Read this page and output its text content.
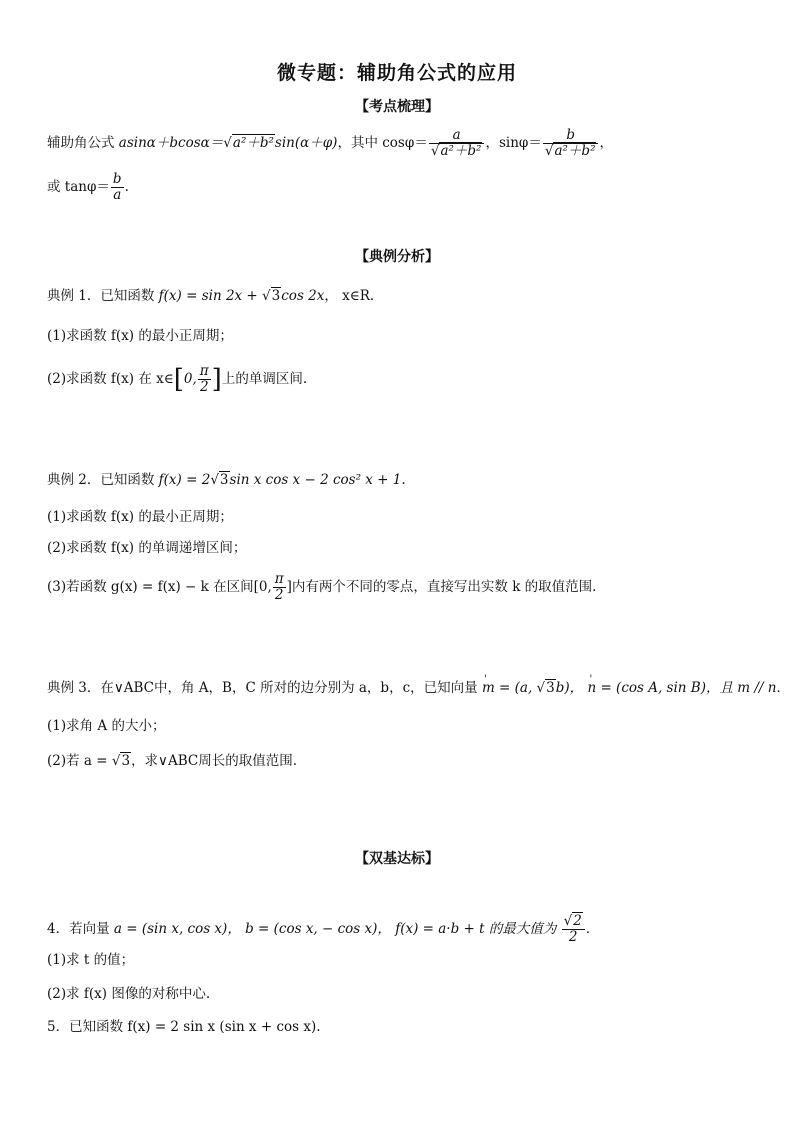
微专题：辅助角公式的应用
【考点梳理】
辅助角公式 asinα＋bcosα＝√a²＋b²sin(α＋φ)，其中 $\cos\varphi= \frac{a}{\text{√a²＋b²}}$ ，$\sin\varphi= \frac{b}{\text{√a²＋b²}}$ ，
或 $\tan\varphi= \frac{b}{a}$ .
【典例分析】
典例 1．已知函数 f(x) = sin 2x + √3cos 2x， x∈R．
(1)求函数 f(x) 的最小正周期；
(2)求函数 f(x) 在 x∈[0, $\frac{\pi}{2}$ ]上的单调区间.
典例 2．已知函数 f(x) = 2√3sin x cos x − 2 cos² x + 1.
(1)求函数 f(x) 的最小正周期；
(2)求函数 f(x) 的单调递增区间；
(3)若函数 g(x) = f(x) − k 在区间[0, $\frac{\pi}{2}$ ]内有两个不同的零点，直接写出实数 k 的取值范围.
典例 3．在∨ABC中，角 A，B，C 所对的边分别为 a，b，c，已知向量 ' m = (a, √3b)， ' n = (cos A, sin B)，且 m // n．
(1)求角 A 的大小；
(2)若 a = √3，求∨ABC周长的取值范围.
【双基达标】
4．若向量 a = (sin x, cos x)， b = (cos x, − cos x)， f(x) = a·b + t 的最大值为 $\frac{√2}{2}$ ．
(1)求 t 的值；
(2)求 f(x) 图像的对称中心.
5．已知函数 f(x) = 2 sin x (sin x + cos x).
